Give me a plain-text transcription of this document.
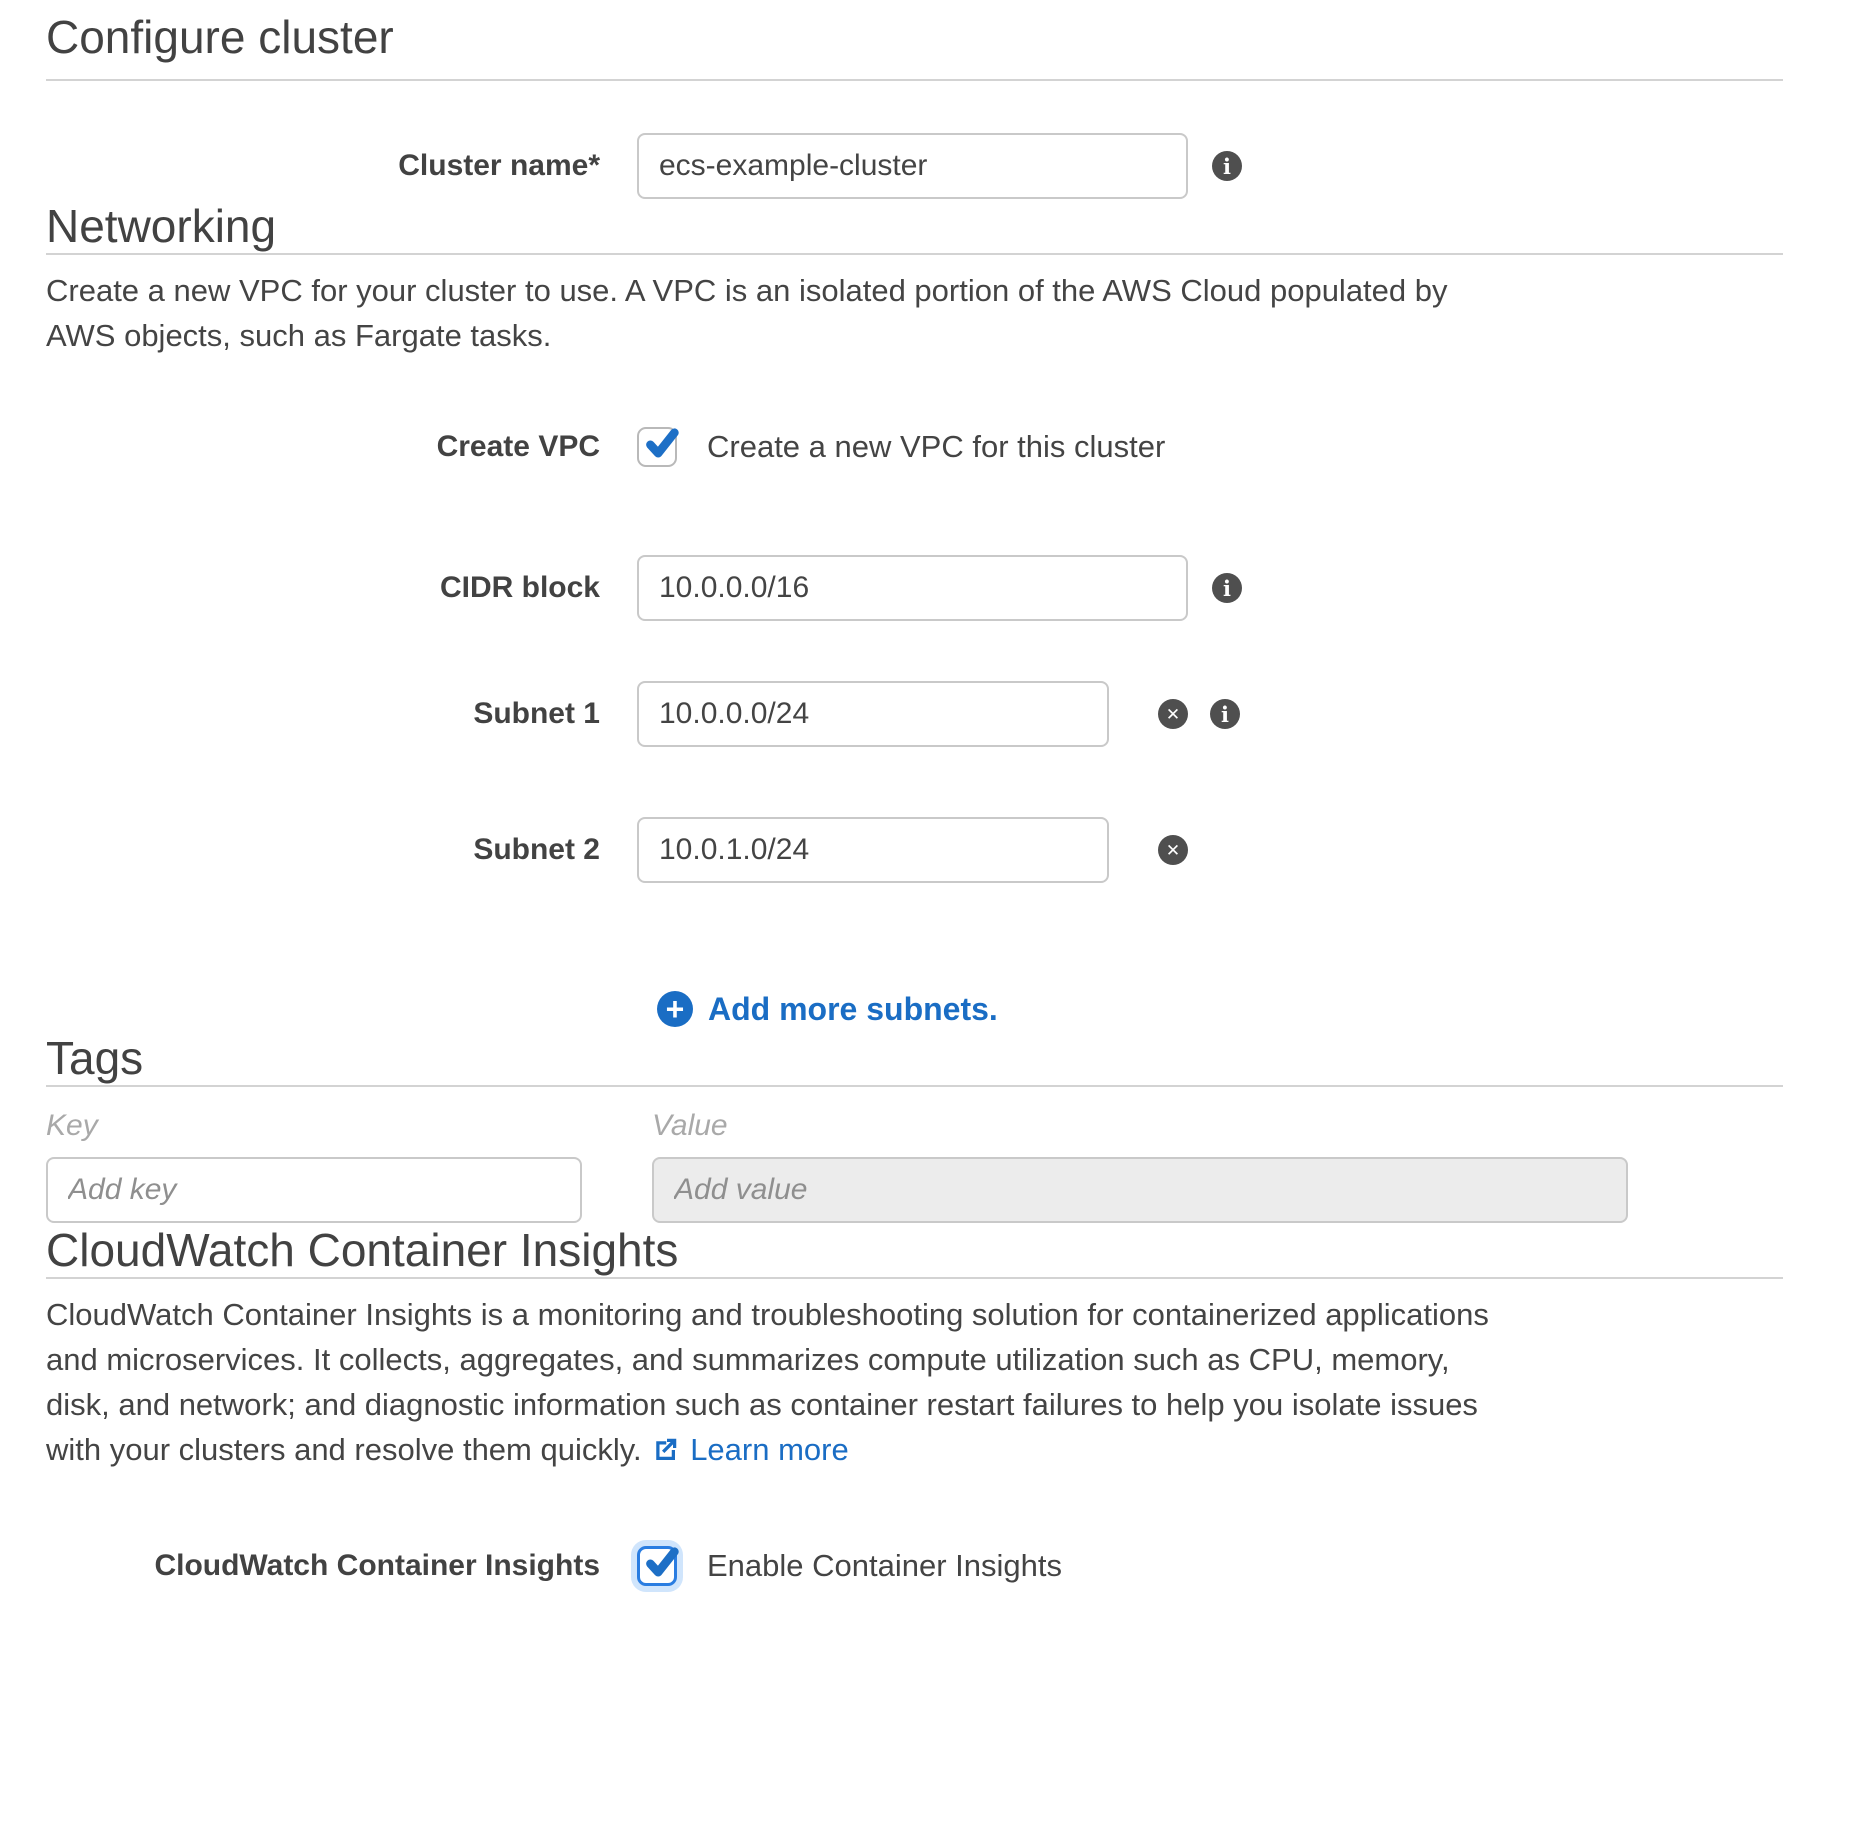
Configure cluster
Cluster name*
ecs-example-cluster	i
Networking

Create a new VPC for your cluster to use. A VPC is an isolated portion of the AWS Cloud populated by AWS objects, such as Fargate tasks.

Create VPC	Create a new VPC for this cluster
CIDR block
10.0.0.0/16	i
Subnet 1
10.0.0.0/24	✕ i
Subnet 2
10.0.1.0/24	✕
+ Add more subnets.
Tags
Key	Value
Add key
Add value
CloudWatch Container Insights

CloudWatch Container Insights is a monitoring and troubleshooting solution for containerized applications and microservices. It collects, aggregates, and summarizes compute utilization such as CPU, memory, disk, and network; and diagnostic information such as container restart failures to help you isolate issues with your clusters and resolve them quickly. Learn more

CloudWatch Container Insights	Enable Container Insights
